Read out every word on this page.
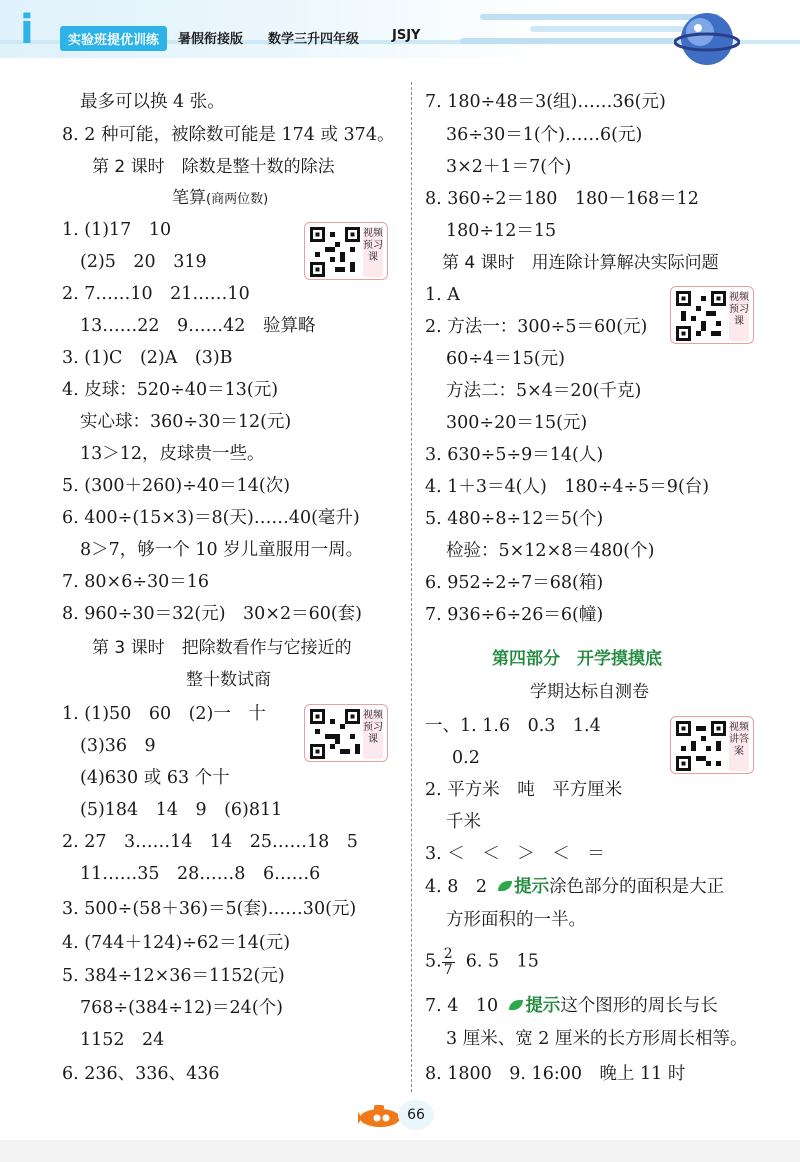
i	实验班提优训练	暑假衔接版 数学三升四年级	JSJY
最多可以换 4 张。
8. 2 种可能，被除数可能是 174 或 374。
第 2 课时　除数是整十数的除法
笔算(商两位数)
视频预习课
1. (1)17　10
(2)5　20　319
2. 7……10　21……10
13……22　9……42　验算略
3. (1)C　(2)A　(3)B
4. 皮球：520÷40＝13(元)
实心球：360÷30＝12(元)
13＞12，皮球贵一些。
5. (300＋260)÷40＝14(次)
6. 400÷(15×3)＝8(天)……40(毫升)
8＞7，够一个 10 岁儿童服用一周。
7. 80×6÷30＝16
8. 960÷30＝32(元)　30×2＝60(套)
第 3 课时　把除数看作与它接近的
整十数试商
视频预习课
1. (1)50　60　(2)一　十
(3)36　9
(4)630 或 63 个十
(5)184　14　9　(6)811
2. 27　3……14　14　25……18　5
11……35　28……8　6……6
3. 500÷(58＋36)＝5(套)……30(元)
4. (744＋124)÷62＝14(元)
5. 384÷12×36＝1152(元)
768÷(384÷12)＝24(个)
1152　24
6. 236、336、436
7. 180÷48＝3(组)……36(元)
36÷30＝1(个)……6(元)
3×2＋1＝7(个)
8. 360÷2＝180　180－168＝12
180÷12＝15
第 4 课时　用连除计算解决实际问题
视频预习课
1. A
2. 方法一：300÷5＝60(元)
60÷4＝15(元)
方法二：5×4＝20(千克)
300÷20＝15(元)
3. 630÷5÷9＝14(人)
4. 1＋3＝4(人)　180÷4÷5＝9(台)
5. 480÷8÷12＝5(个)
检验：5×12×8＝480(个)
6. 952÷2÷7＝68(箱)
7. 936÷6÷26＝6(幢)
第四部分　开学摸摸底
学期达标自测卷
视频讲答案
一、1. 1.6　0.3　1.4
0.2
2. 平方米　吨　平方厘米
千米
3. ＜　＜　＞　＜　＝
4. 8　2 提示涂色部分的面积是大正
方形面积的一半。
5. $\frac{2}{7} 6$. 5　15
7. 4　10 提示这个图形的周长与长
3 厘米、宽 2 厘米的长方形周长相等。
8. 1800　9. 16:00　晚上 11 时
66
